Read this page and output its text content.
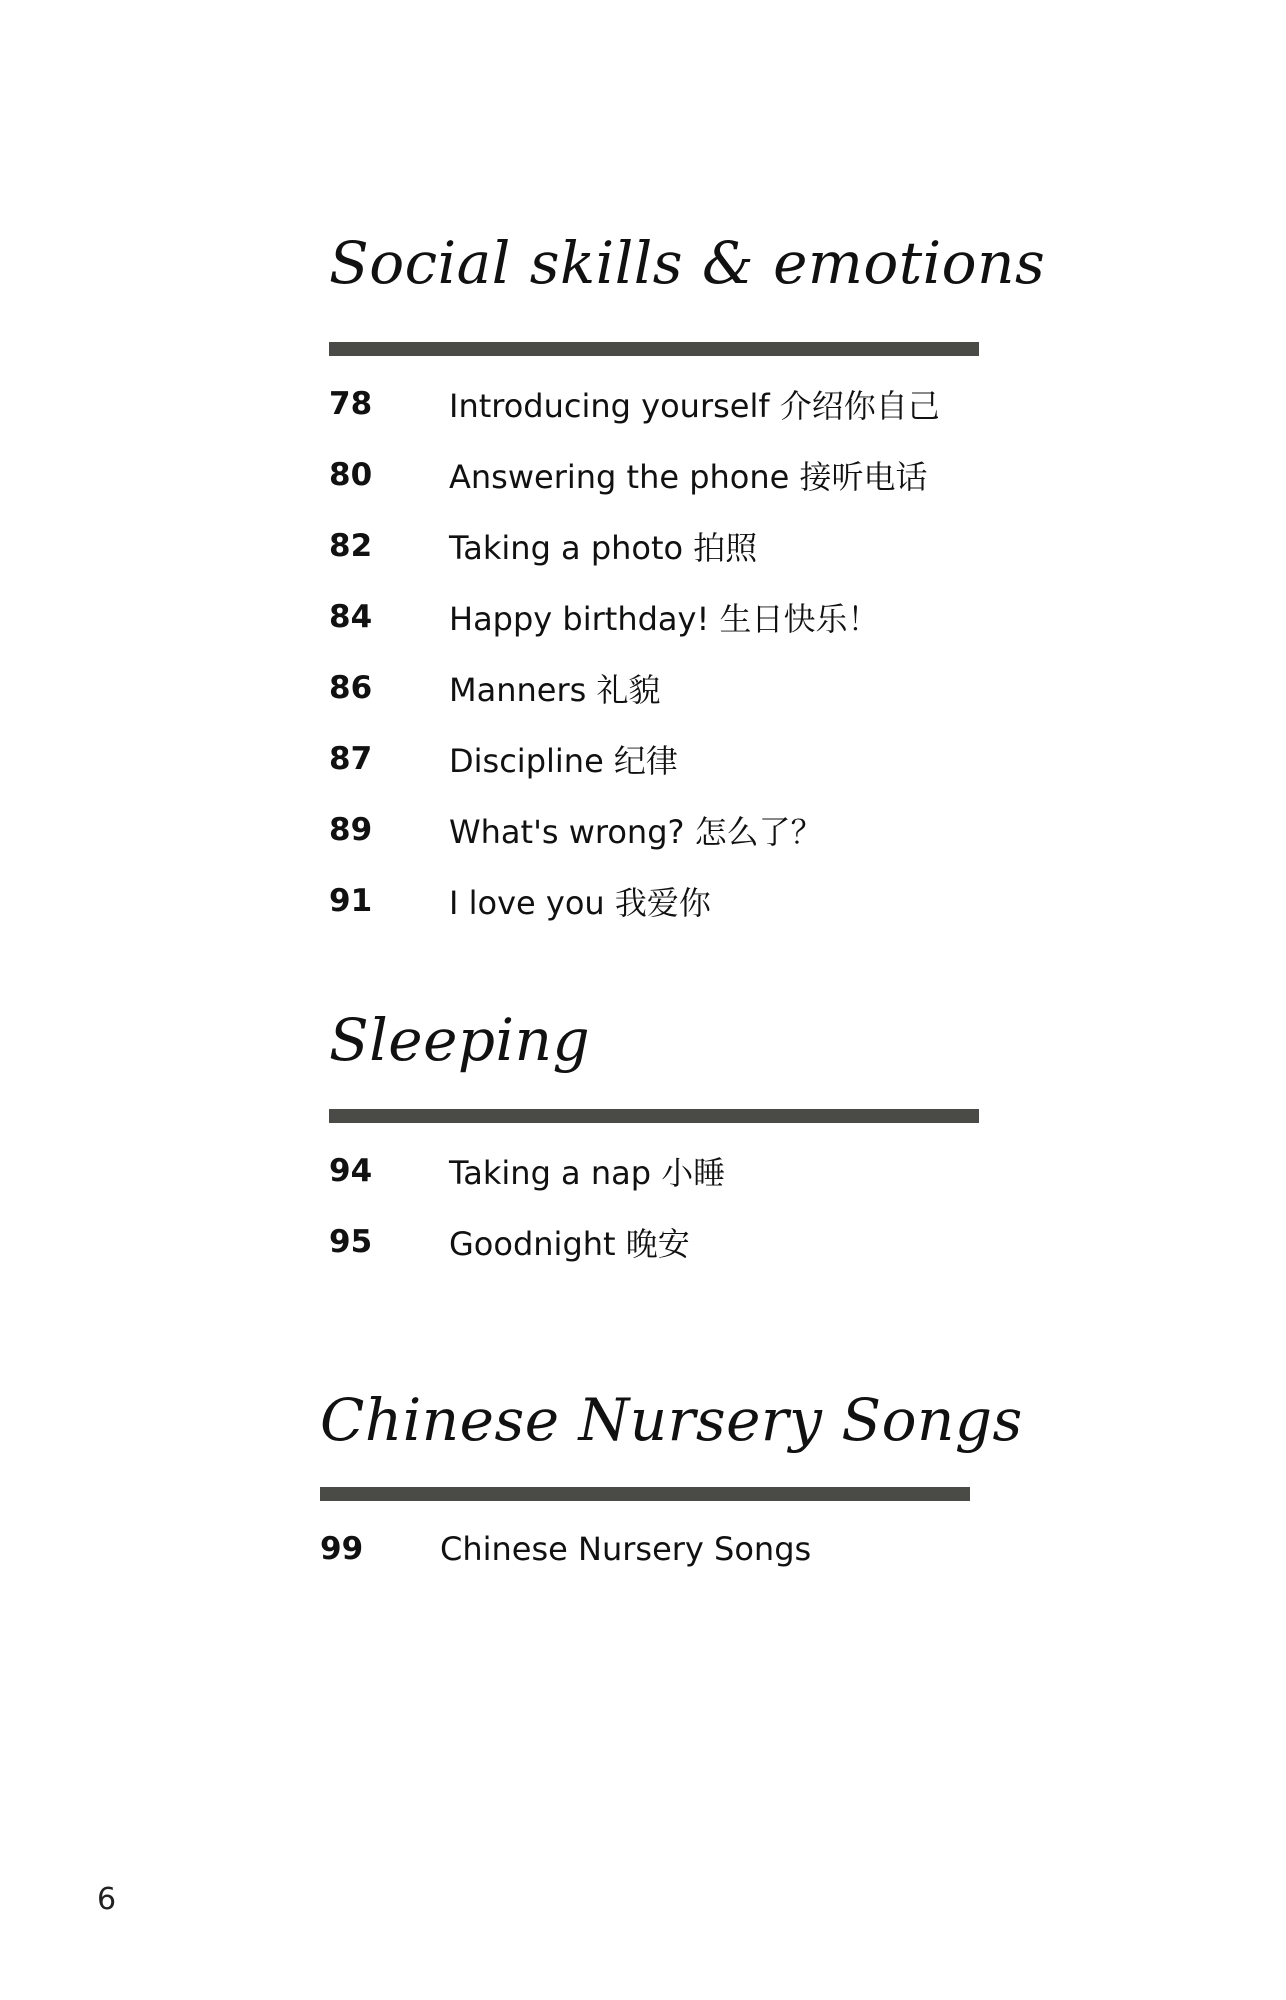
Social skills & emotions
78	Introducing yourself 介绍你自己
80	Answering the phone 接听电话
82	Taking a photo 拍照
84	Happy birthday! 生日快乐！
86	Manners 礼貌
87	Discipline 纪律
89	What's wrong? 怎么了？
91	I love you 我爱你
Sleeping
94	Taking a nap 小睡
95	Goodnight 晚安
Chinese Nursery Songs
99	Chinese Nursery Songs
6
